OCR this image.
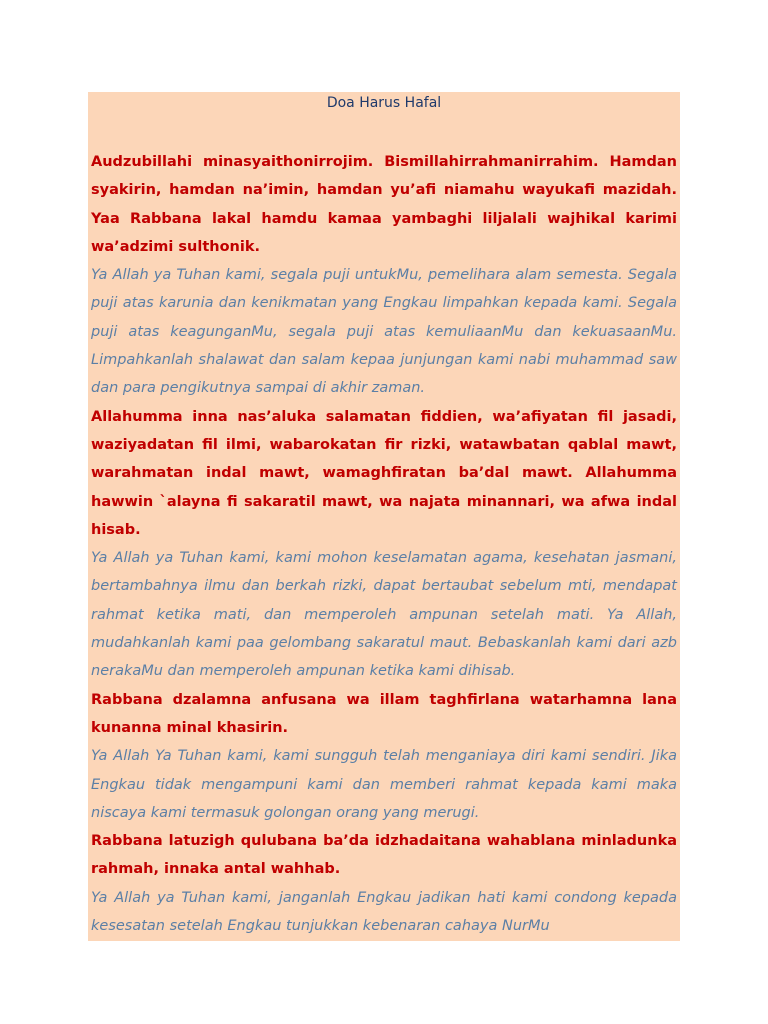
Doa Harus Hafal

Audzubillahi minasyaithonirrojim. Bismillahirrahmanirrahim. Hamdan syakirin, hamdan na’imin, hamdan yu’afi niamahu wayukafi mazidah. Yaa Rabbana lakal hamdu kamaa yambaghi liljalali wajhikal karimi wa’adzimi sulthonik.

Ya Allah ya Tuhan kami, segala puji untukMu, pemelihara alam semesta. Segala puji atas karunia dan kenikmatan yang Engkau limpahkan kepada kami. Segala puji atas keagunganMu, segala puji atas kemuliaanMu dan kekuasaanMu. Limpahkanlah shalawat dan salam kepaa junjungan kami nabi muhammad saw dan para pengikutnya sampai di akhir zaman.

Allahumma inna nas’aluka salamatan fiddien, wa’afiyatan fil jasadi, waziyadatan fil ilmi, wabarokatan fir rizki, watawbatan qablal mawt, warahmatan indal mawt, wamaghfiratan ba’dal mawt. Allahumma hawwin `alayna fi sakaratil mawt, wa najata minannari, wa afwa indal hisab.

Ya Allah ya Tuhan kami, kami mohon keselamatan agama, kesehatan jasmani, bertambahnya ilmu dan berkah rizki, dapat bertaubat sebelum mti, mendapat rahmat ketika mati, dan memperoleh ampunan setelah mati. Ya Allah, mudahkanlah kami paa gelombang sakaratul maut. Bebaskanlah kami dari azb nerakaMu dan memperoleh ampunan ketika kami dihisab.

Rabbana dzalamna anfusana wa illam taghfirlana watarhamna lana kunanna minal khasirin.

Ya Allah Ya Tuhan kami, kami sungguh telah menganiaya diri kami sendiri. Jika Engkau tidak mengampuni kami dan memberi rahmat kepada kami maka niscaya kami termasuk golongan orang yang merugi.

Rabbana latuzigh qulubana ba’da idzhadaitana wahablana minladunka rahmah, innaka antal wahhab.

Ya Allah ya Tuhan kami, janganlah Engkau jadikan hati kami condong kepada kesesatan setelah Engkau tunjukkan kebenaran cahaya NurMu
